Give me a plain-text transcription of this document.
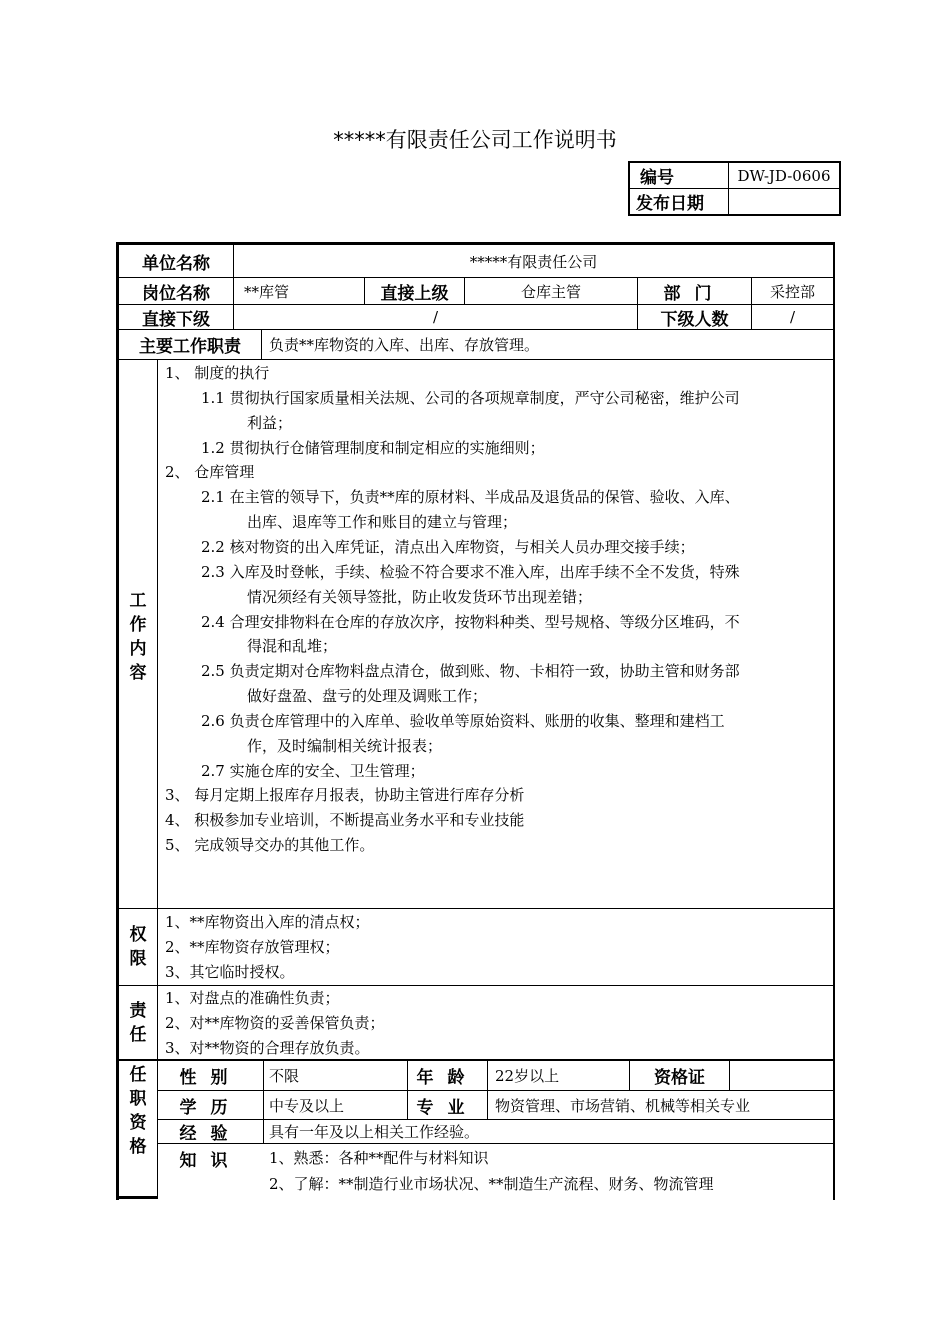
*****有限责任公司工作说明书
编号	DW-JD-0606
发布日期	
单位名称	*****有限责任公司
岗位名称	**库管	直接上级	仓库主管	部门	采控部
直接下级	/	下级人数	/
主要工作职责	负责**库物资的入库、出库、存放管理。
工作内容
1、 制度的执行
1.1 贯彻执行国家质量相关法规、公司的各项规章制度，严守公司秘密，维护公司
利益；
1.2 贯彻执行仓储管理制度和制定相应的实施细则；
2、 仓库管理
2.1 在主管的领导下，负责**库的原材料、半成品及退货品的保管、验收、入库、
出库、退库等工作和账目的建立与管理；
2.2 核对物资的出入库凭证，清点出入库物资，与相关人员办理交接手续；
2.3 入库及时登帐，手续、检验不符合要求不准入库，出库手续不全不发货，特殊
情况须经有关领导签批，防止收发货环节出现差错；
2.4 合理安排物料在仓库的存放次序，按物料种类、型号规格、等级分区堆码，不
得混和乱堆；
2.5 负责定期对仓库物料盘点清仓，做到账、物、卡相符一致，协助主管和财务部
做好盘盈、盘亏的处理及调账工作；
2.6 负责仓库管理中的入库单、验收单等原始资料、账册的收集、整理和建档工
作，及时编制相关统计报表；
2.7 实施仓库的安全、卫生管理；
3、 每月定期上报库存月报表，协助主管进行库存分析
4、 积极参加专业培训，不断提高业务水平和专业技能
5、 完成领导交办的其他工作。
权限
1、**库物资出入库的清点权；
2、**库物资存放管理权；
3、其它临时授权。
责任
1、对盘点的准确性负责；
2、对**库物资的妥善保管负责；
3、对**物资的合理存放负责。
任职资格
性别 不限	年龄 22岁以上	资格证
学历 中专及以上	专业 物资管理、市场营销、机械等相关专业
经验 具有一年及以上相关工作经验。
知识 1、熟悉：各种**配件与材料知识
2、了解：**制造行业市场状况、**制造生产流程、财务、物流管理
